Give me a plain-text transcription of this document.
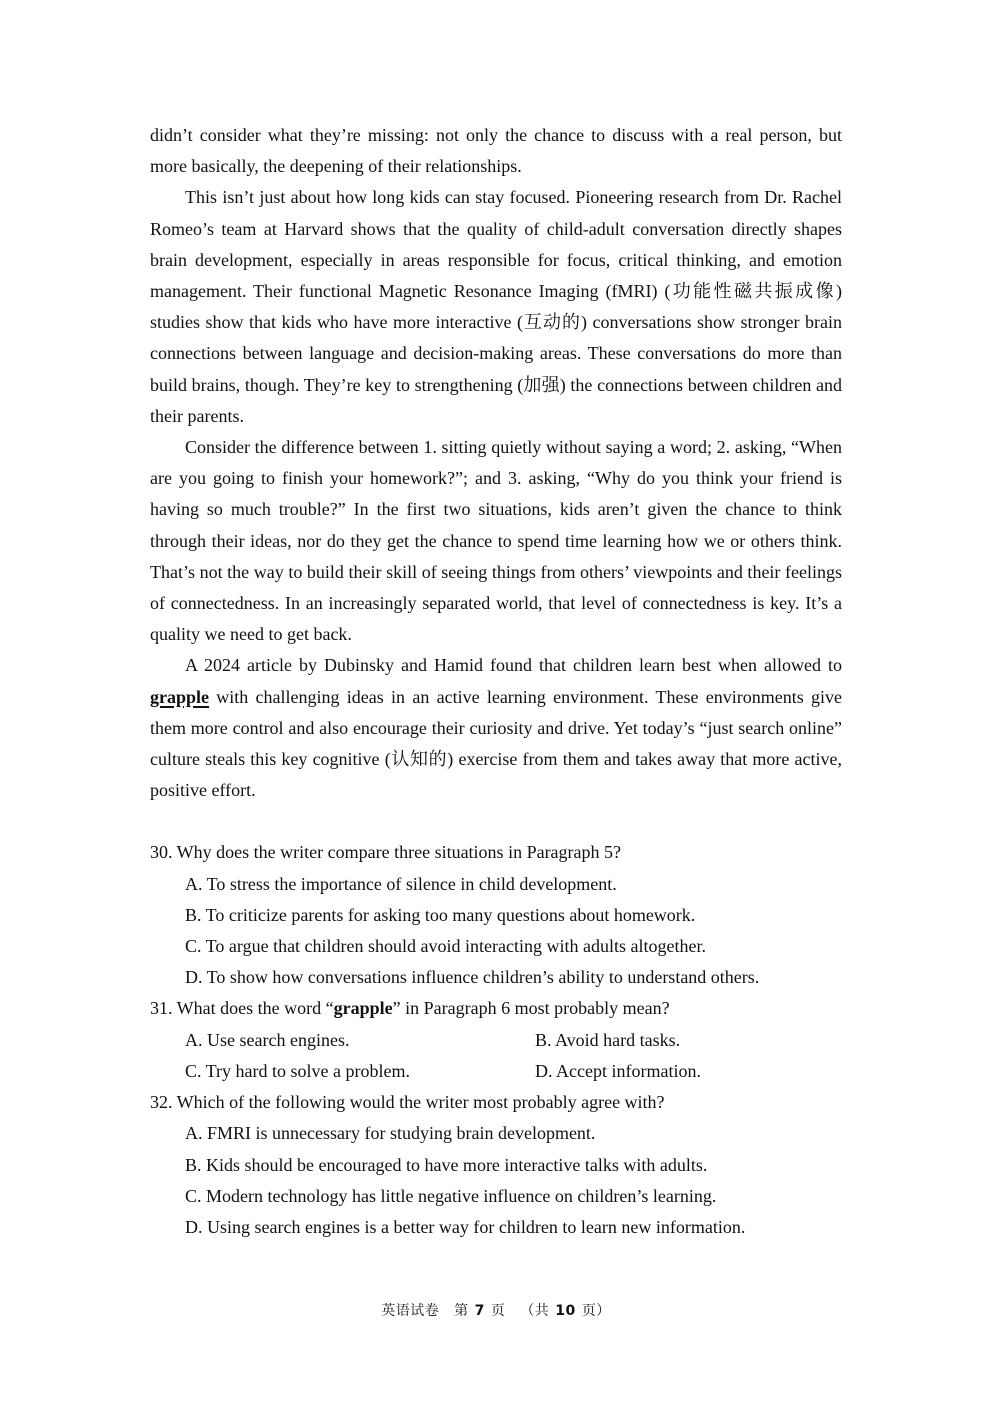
didn’t consider what they’re missing: not only the chance to discuss with a real person, but more basically, the deepening of their relationships.

This isn’t just about how long kids can stay focused. Pioneering research from Dr. Rachel Romeo’s team at Harvard shows that the quality of child-adult conversation directly shapes brain development, especially in areas responsible for focus, critical thinking, and emotion management. Their functional Magnetic Resonance Imaging (fMRI) (功能性磁共振成像) studies show that kids who have more interactive (互动的) conversations show stronger brain connections between language and decision-making areas. These conversations do more than build brains, though. They’re key to strengthening (加强) the connections between children and their parents.

Consider the difference between 1. sitting quietly without saying a word; 2. asking, “When are you going to finish your homework?”; and 3. asking, “Why do you think your friend is having so much trouble?” In the first two situations, kids aren’t given the chance to think through their ideas, nor do they get the chance to spend time learning how we or others think. That’s not the way to build their skill of seeing things from others’ viewpoints and their feelings of connectedness. In an increasingly separated world, that level of connectedness is key. It’s a quality we need to get back.

A 2024 article by Dubinsky and Hamid found that children learn best when allowed to grapple with challenging ideas in an active learning environment. These environments give them more control and also encourage their curiosity and drive. Yet today’s “just search online” culture steals this key cognitive (认知的) exercise from them and takes away that more active, positive effort.

30. Why does the writer compare three situations in Paragraph 5?

A. To stress the importance of silence in child development.

B. To criticize parents for asking too many questions about homework.

C. To argue that children should avoid interacting with adults altogether.

D. To show how conversations influence children’s ability to understand others.

31. What does the word “grapple” in Paragraph 6 most probably mean?

A. Use search engines.	B. Avoid hard tasks.
C. Try hard to solve a problem.	D. Accept information.

32. Which of the following would the writer most probably agree with?

A. FMRI is unnecessary for studying brain development.

B. Kids should be encouraged to have more interactive talks with adults.

C. Modern technology has little negative influence on children’s learning.

D. Using search engines is a better way for children to learn new information.

英语试卷 第 7 页 （共 10 页）
